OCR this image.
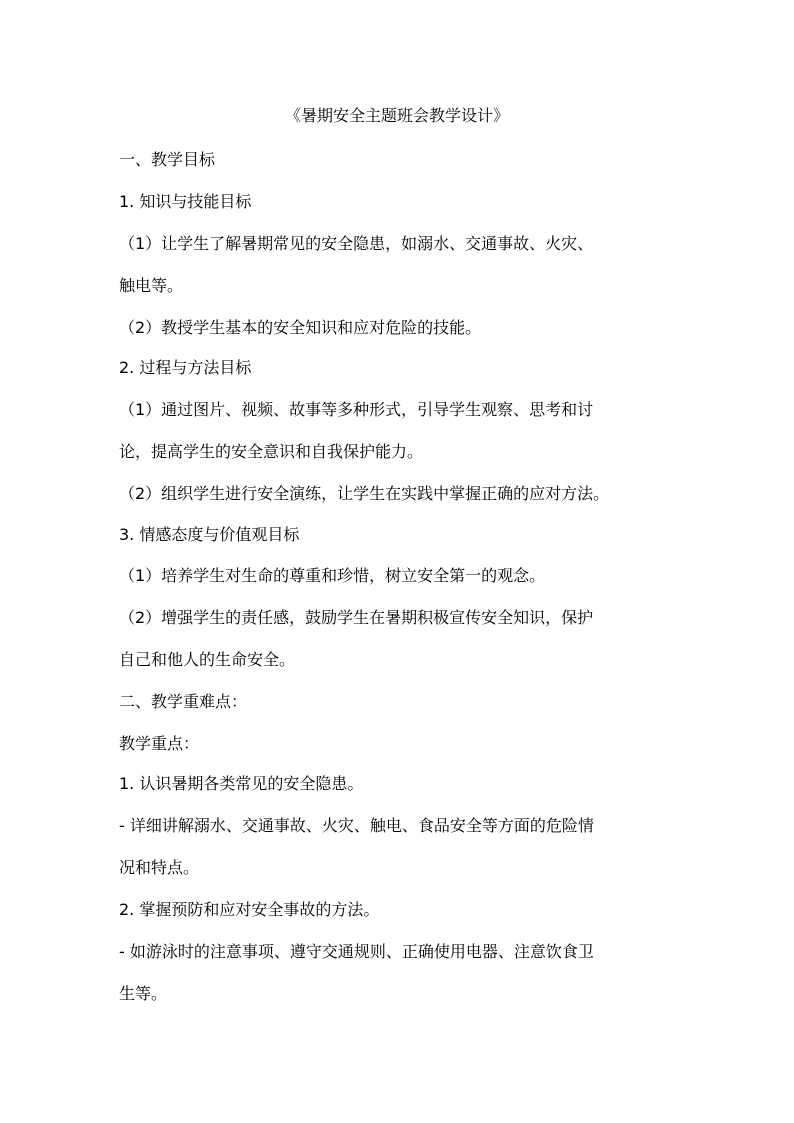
《暑期安全主题班会教学设计》
一、教学目标
1. 知识与技能目标
（1）让学生了解暑期常见的安全隐患，如溺水、交通事故、火灾、
触电等。
（2）教授学生基本的安全知识和应对危险的技能。
2. 过程与方法目标
（1）通过图片、视频、故事等多种形式，引导学生观察、思考和讨
论，提高学生的安全意识和自我保护能力。
（2）组织学生进行安全演练，让学生在实践中掌握正确的应对方法。
3. 情感态度与价值观目标
（1）培养学生对生命的尊重和珍惜，树立安全第一的观念。
（2）增强学生的责任感，鼓励学生在暑期积极宣传安全知识，保护
自己和他人的生命安全。
二、教学重难点：
教学重点：
1. 认识暑期各类常见的安全隐患。
- 详细讲解溺水、交通事故、火灾、触电、食品安全等方面的危险情
况和特点。
2. 掌握预防和应对安全事故的方法。
- 如游泳时的注意事项、遵守交通规则、正确使用电器、注意饮食卫
生等。
